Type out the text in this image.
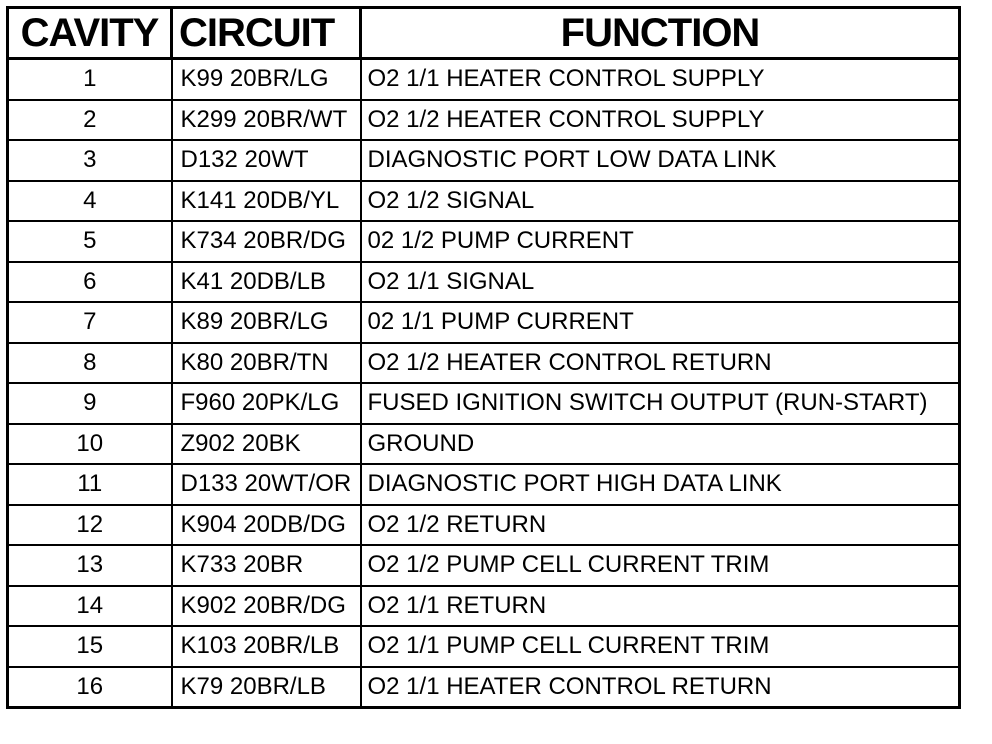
CAVITY	CIRCUIT	FUNCTION
1	K99 20BR/LG	O2 1/1 HEATER CONTROL SUPPLY
2	K299 20BR/WT	O2 1/2 HEATER CONTROL SUPPLY
3	D132 20WT	DIAGNOSTIC PORT LOW DATA LINK
4	K141 20DB/YL	O2 1/2 SIGNAL
5	K734 20BR/DG	02 1/2 PUMP CURRENT
6	K41 20DB/LB	O2 1/1 SIGNAL
7	K89 20BR/LG	02 1/1 PUMP CURRENT
8	K80 20BR/TN	O2 1/2 HEATER CONTROL RETURN
9	F960 20PK/LG	FUSED IGNITION SWITCH OUTPUT (RUN-START)
10	Z902 20BK	GROUND
11	D133 20WT/OR	DIAGNOSTIC PORT HIGH DATA LINK
12	K904 20DB/DG	O2 1/2 RETURN
13	K733 20BR	O2 1/2 PUMP CELL CURRENT TRIM
14	K902 20BR/DG	O2 1/1 RETURN
15	K103 20BR/LB	O2 1/1 PUMP CELL CURRENT TRIM
16	K79 20BR/LB	O2 1/1 HEATER CONTROL RETURN
